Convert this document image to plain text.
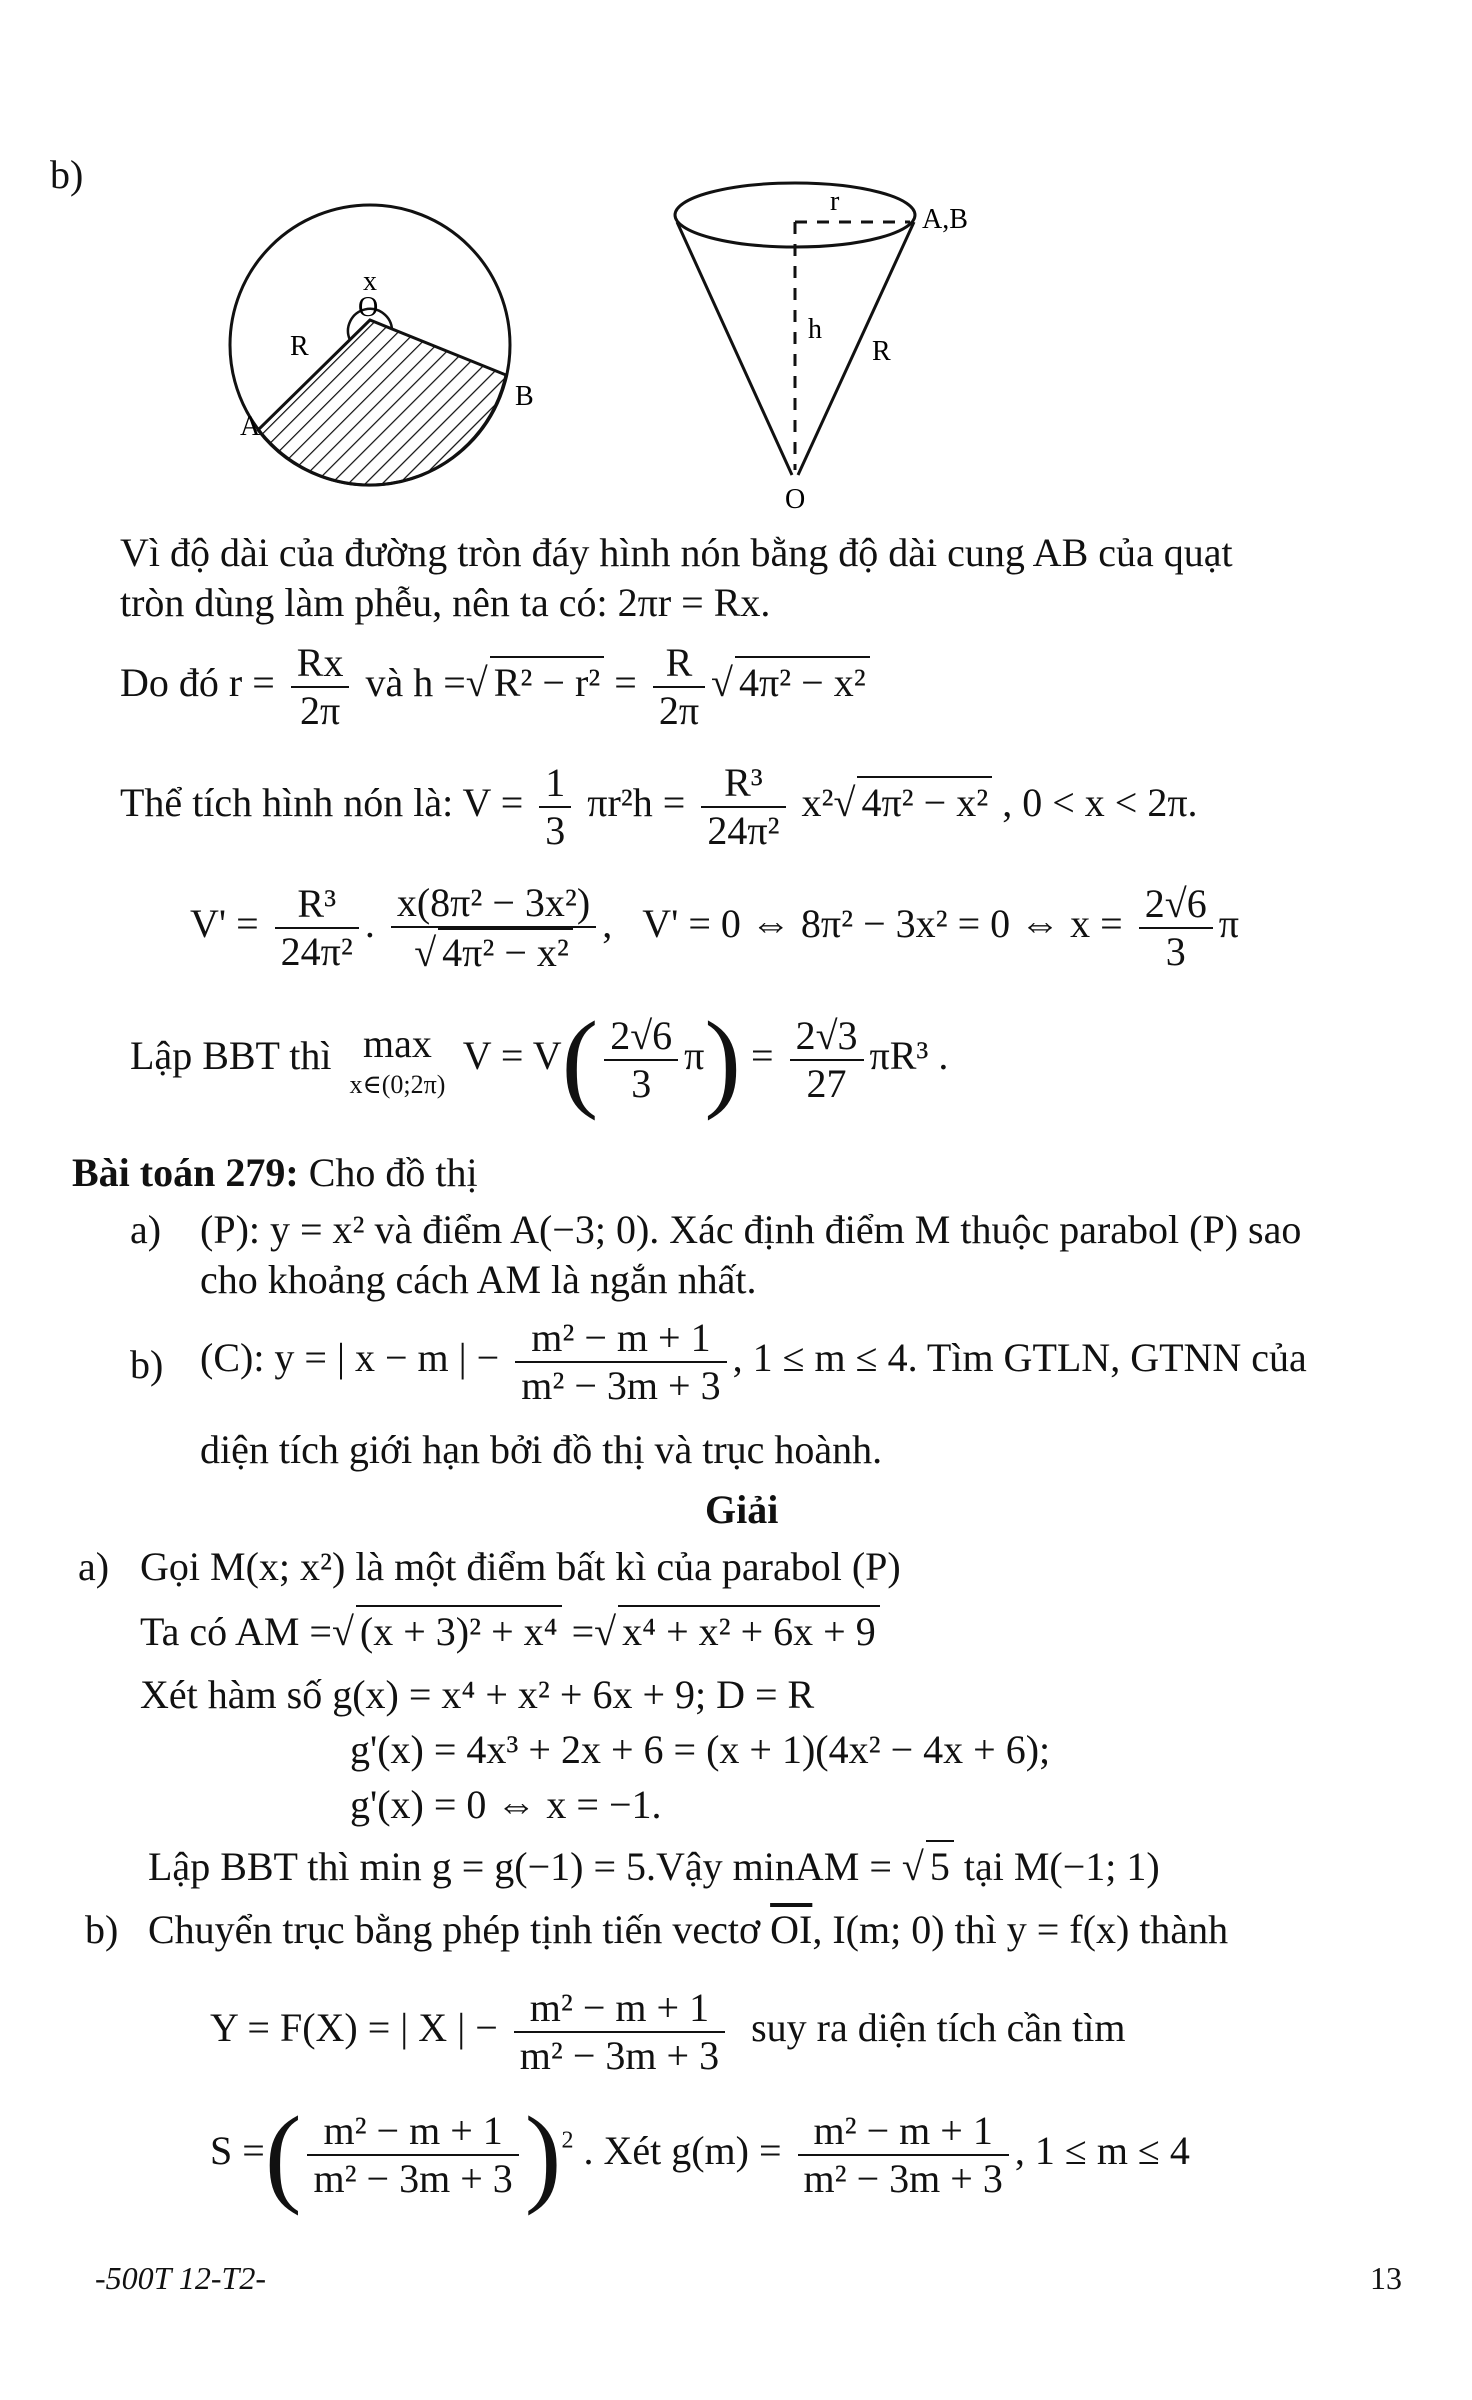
b)
x
O
R
A
B
r
A,B
h
R
O
Vì độ dài của đường tròn đáy hình nón bằng độ dài cung AB của quạt
tròn dùng làm phễu, nên ta có: 2πr = Rx.
Do đó $r = \frac{Rx}{2\pi}$ và h =√ $R^2 - r^2 = \frac{R}{2\pi}$ √ 4π² − x²
Thể tích hình nón là: $V = \frac{1}{3} \pi r^2h = \frac{\text{R³}}{\text{24π²}} x^2√$ 4π² − x² , 0 < x < 2π.
$V' = \frac{\text{R³}}{\text{24π²}}$ . $\frac{\text{x(8π² − 3x²)}}{\text{√ 4π² − x²}}$ , V' = 0 ⇔ 8π² − 3x² = 0 ⇔ $x = \frac{2√6}{3}$ π
Lập BBT thì max
x∈(0;2π)
$V = V( \frac{2√6}{3} \pi) = \frac{2√3}{27} \pi R^3$ .
Bài toán 279: Cho đồ thị
a) (P): y = x² và điểm A(−3; 0). Xác định điểm M thuộc parabol (P) sao
cho khoảng cách AM là ngắn nhất.
b) (C): y = | x − m | − $\frac{\text{m² − m + 1}}{\text{m² − 3m + 3}}$ , 1 ≤ m ≤ 4. Tìm GTLN, GTNN của
diện tích giới hạn bởi đồ thị và trục hoành.
Giải
a) Gọi M(x; x²) là một điểm bất kì của parabol (P)
Ta có AM =√ (x + 3)² + x⁴ =√ x⁴ + x² + 6x + 9
Xét hàm số g(x) = x⁴ + x² + 6x + 9; D = R
g'(x) = 4x³ + 2x + 6 = (x + 1)(4x² − 4x + 6);
g'(x) = 0 ⇔ x = −1.
Lập BBT thì min g = g(−1) = 5.Vậy minAM = √ 5 tại M(−1; 1)
b) Chuyển trục bằng phép tịnh tiến vectơ $\overline{OI}$, I(m; 0) thì y = f(x) thành
Y = F(X) = | X | − $\frac{\text{m² − m + 1}}{\text{m² − 3m + 3}}$ suy ra diện tích cần tìm
S =( $\frac{\text{m² − m + 1}}{\text{m² − 3m + 3}} )^2$ . Xét $g(m) = \frac{\text{m² − m + 1}}{\text{m² − 3m + 3}}$ , 1 ≤ m ≤ 4
-500T 12-T2-	13
